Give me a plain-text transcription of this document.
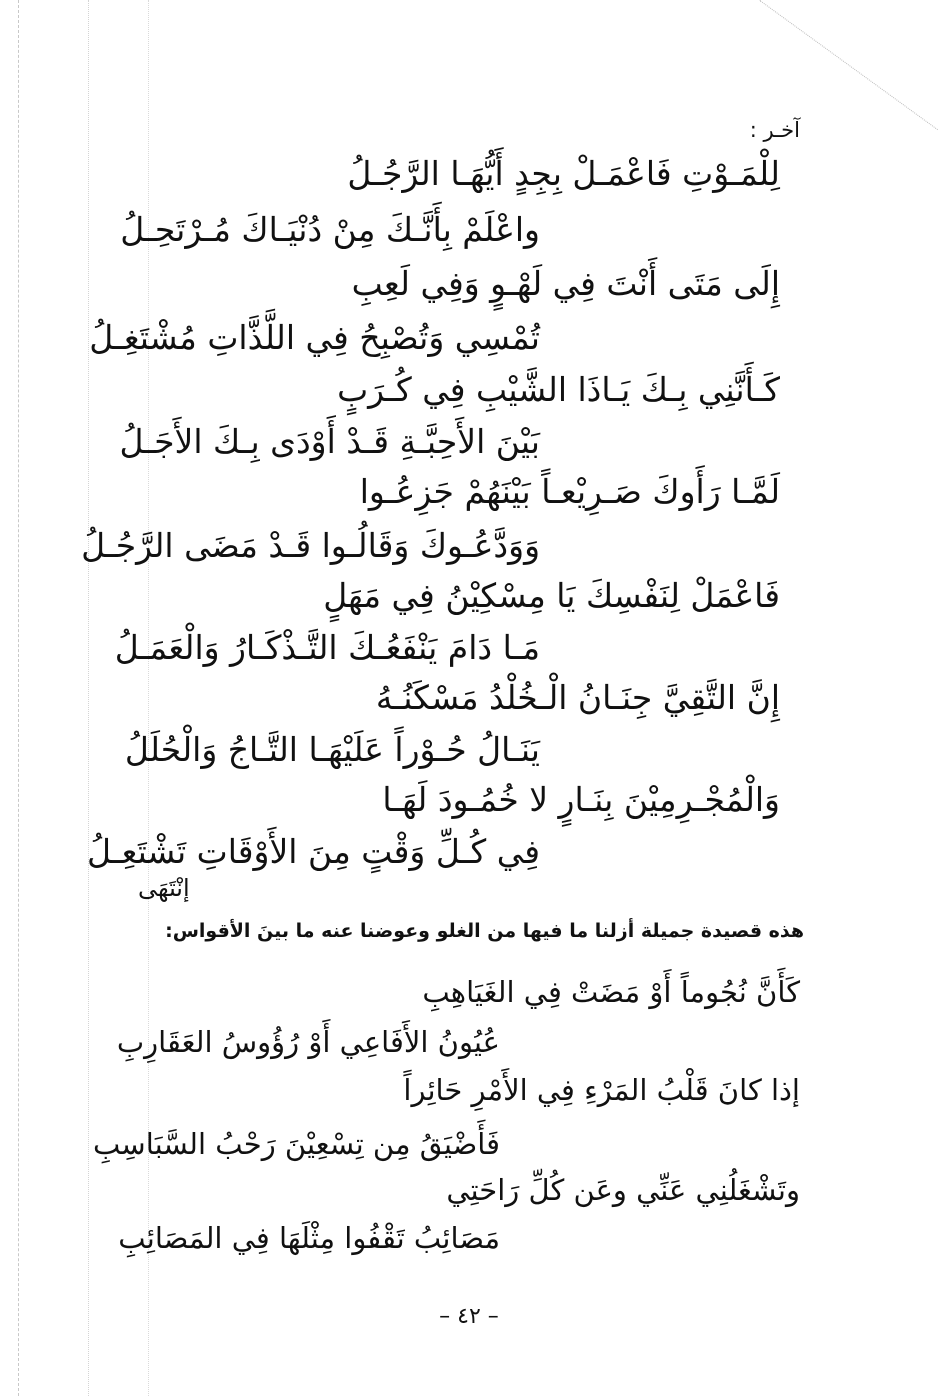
آخـر :
لِلْمَـوْتِ فَاعْمَـلْ بِجِدٍ أَيُّهَـا الرَّجُـلُ
واعْلَمْ بِأَنَّـكَ مِنْ دُنْيَـاكَ مُـرْتَحِـلُ
إِلَى مَتَى أَنْتَ فِي لَهْـوٍ وَفِي لَعِبِ
تُمْسِي وَتُصْبِحُ فِي اللَّذَّاتِ مُشْتَغِـلُ
كَـأَنَّنِي بِـكَ يَـاذَا الشَّيْبِ فِي كُـرَبٍ
بَيْنَ الأَحِبَّـةِ قَـدْ أَوْدَى بِـكَ الأَجَـلُ
لَمَّـا رَأَوكَ صَـرِيْعـاً بَيْنَهُمْ جَزِعُـوا
وَوَدَّعُـوكَ وَقَالُـوا قَـدْ مَضَى الرَّجُـلُ
فَاعْمَلْ لِنَفْسِكَ يَا مِسْكِيْنُ فِي مَهَلٍ
مَـا دَامَ يَنْفَعُـكَ التَّـذْكَـارُ وَالْعَمَـلُ
إِنَّ التَّقِيَّ جِنَـانُ الْـخُلْدُ مَسْكَنُـهُ
يَنَـالُ حُـوْراً عَلَيْهَـا التَّـاجُ وَالْحُلَلُ
وَالْمُجْـرِمِيْنَ بِنَـارٍ لا خُمُـودَ لَهَـا
فِي كُـلِّ وَقْتٍ مِنَ الأَوْقَاتِ تَشْتَعِـلُ
إنْتَهَى
هذه قصيدة جميلة أزلنا ما فيها من الغلو وعوضنا عنه ما بينَ الأقواس:
كَأَنَّ نُجُوماً أَوْ مَضَتْ فِي الغَيَاهِبِ
عُيُونُ الأَفَاعِي أَوْ رُؤُوسُ العَقَارِبِ
إذا كانَ قَلْبُ المَرْءِ فِي الأَمْرِ حَائِراً
فَأَضْيَقُ مِن تِسْعِيْنَ رَحْبُ السَّبَاسِبِ
وتَشْغَلُنِي عَنِّي وعَن كُلِّ رَاحَتِي
مَصَائِبُ تَقْفُوا مِثْلَهَا فِي المَصَائِبِ
– ٤٢ –
